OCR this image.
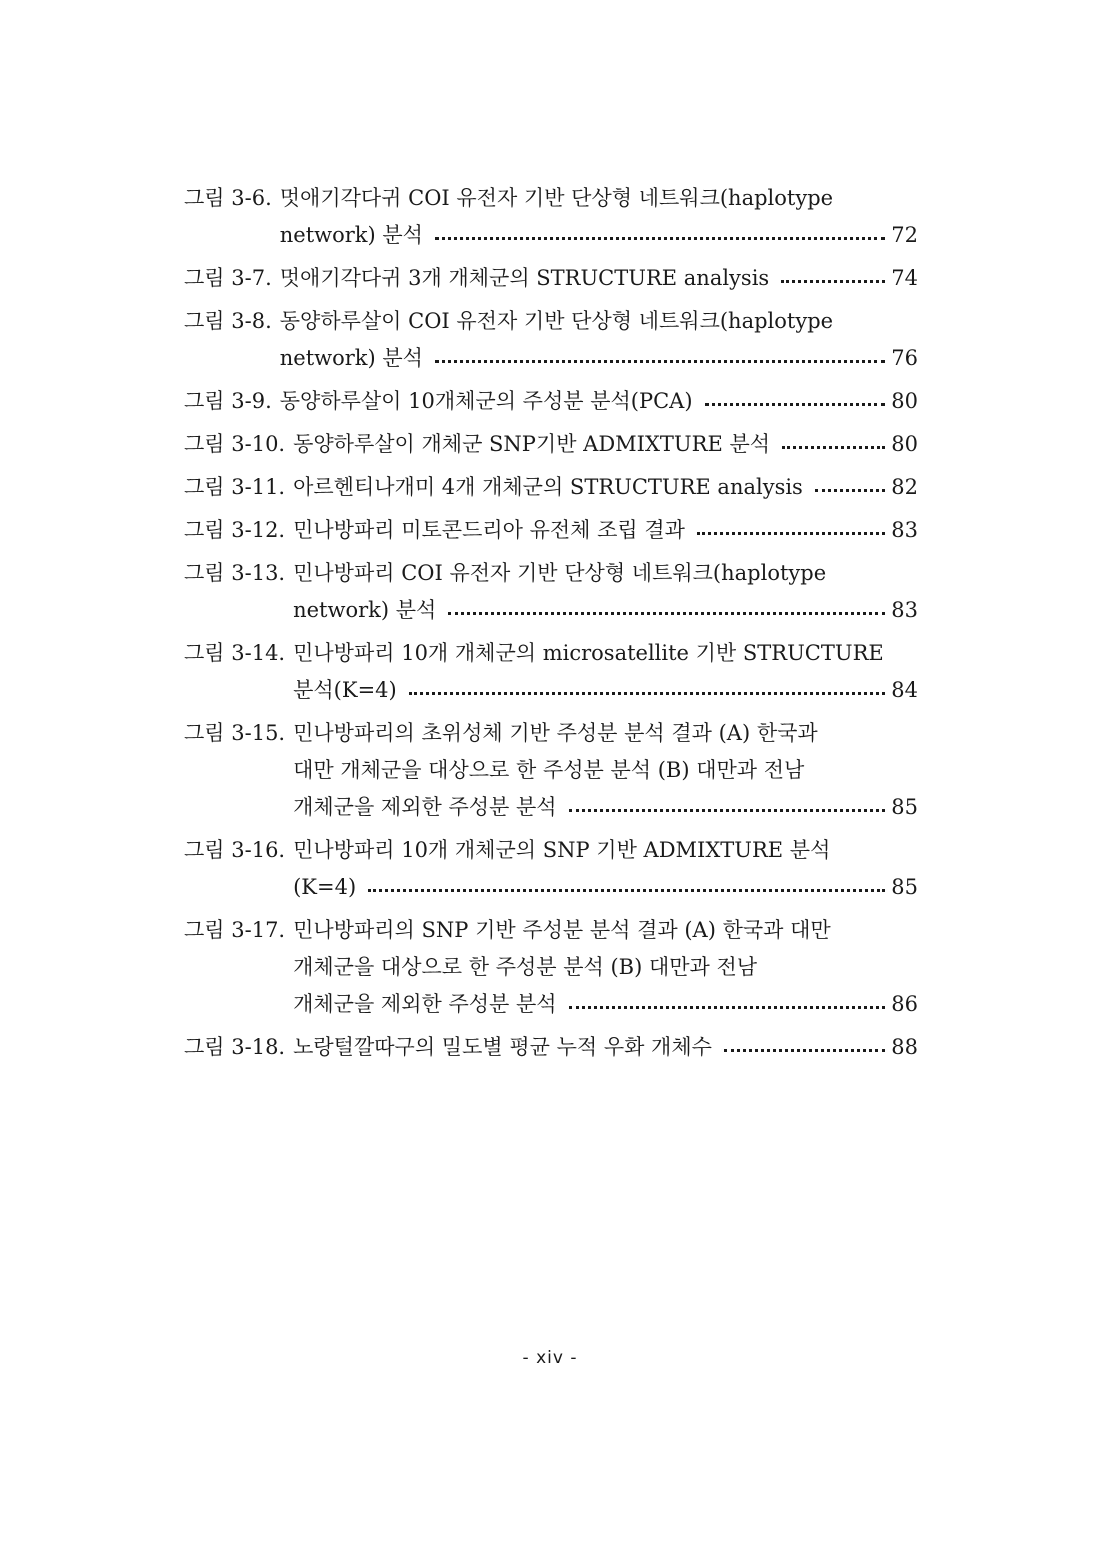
그림 3-6. 멋애기각다귀 COI 유전자 기반 단상형 네트워크(haplotype
network) 분석	72
그림 3-7. 멋애기각다귀 3개 개체군의 STRUCTURE analysis	74
그림 3-8. 동양하루살이 COI 유전자 기반 단상형 네트워크(haplotype
network) 분석	76
그림 3-9. 동양하루살이 10개체군의 주성분 분석(PCA)	80
그림 3-10. 동양하루살이 개체군 SNP기반 ADMIXTURE 분석	80
그림 3-11. 아르헨티나개미 4개 개체군의 STRUCTURE analysis	82
그림 3-12. 민나방파리 미토콘드리아 유전체 조립 결과	83
그림 3-13. 민나방파리 COI 유전자 기반 단상형 네트워크(haplotype
network) 분석	83
그림 3-14. 민나방파리 10개 개체군의 microsatellite 기반 STRUCTURE
분석(K=4)	84
그림 3-15. 민나방파리의 초위성체 기반 주성분 분석 결과 (A) 한국과
대만 개체군을 대상으로 한 주성분 분석 (B) 대만과 전남
개체군을 제외한 주성분 분석	85
그림 3-16. 민나방파리 10개 개체군의 SNP 기반 ADMIXTURE 분석
(K=4)	85
그림 3-17. 민나방파리의 SNP 기반 주성분 분석 결과 (A) 한국과 대만
개체군을 대상으로 한 주성분 분석 (B) 대만과 전남
개체군을 제외한 주성분 분석	86
그림 3-18. 노랑털깔따구의 밀도별 평균 누적 우화 개체수	88
- xiv -
